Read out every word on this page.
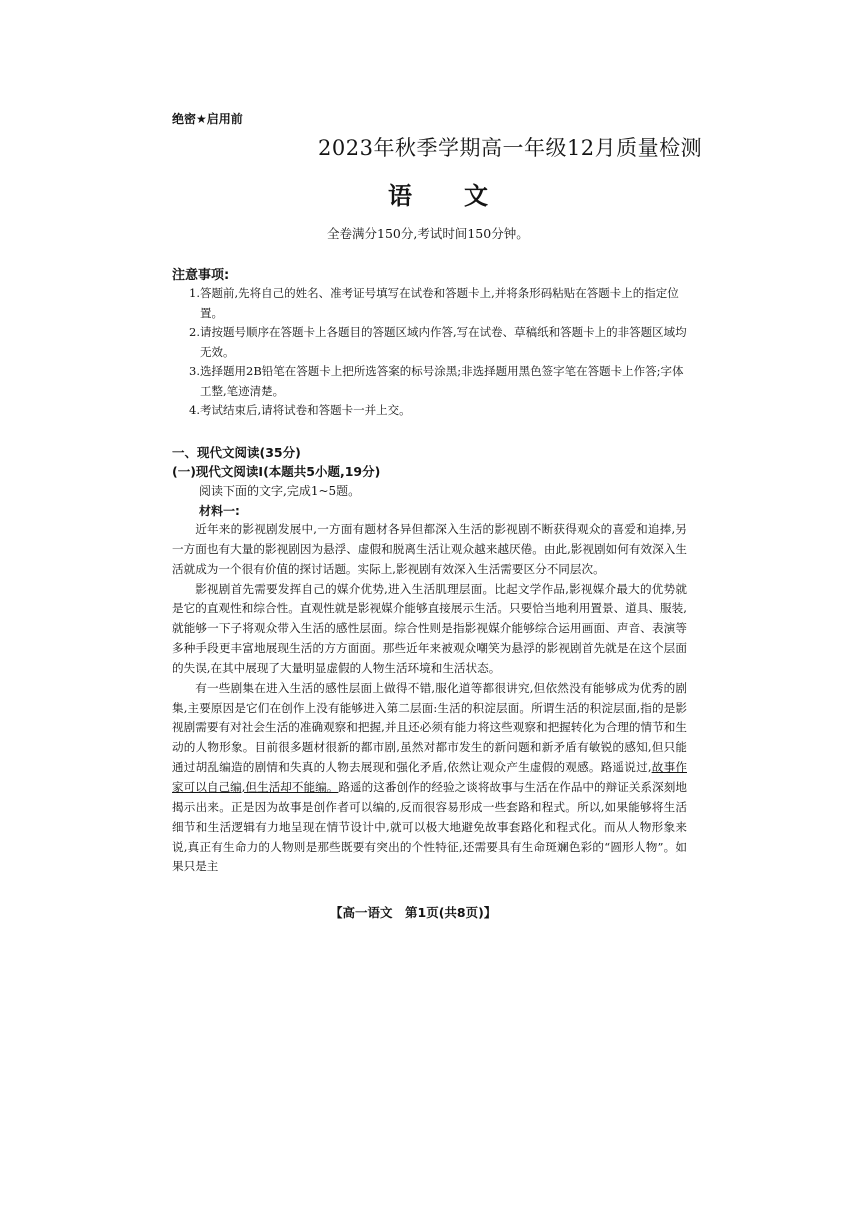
绝密★启用前
2023年秋季学期高一年级12月质量检测
语 文
全卷满分150分,考试时间150分钟。
注意事项:
1. 答题前,先将自己的姓名、准考证号填写在试卷和答题卡上,并将条形码粘贴在答题卡上的指定位置。
2. 请按题号顺序在答题卡上各题目的答题区域内作答,写在试卷、草稿纸和答题卡上的非答题区域均无效。
3. 选择题用2B铅笔在答题卡上把所选答案的标号涂黑;非选择题用黑色签字笔在答题卡上作答;字体工整,笔迹清楚。
4. 考试结束后,请将试卷和答题卡一并上交。
一、现代文阅读(35分)
(一)现代文阅读Ⅰ(本题共5小题,19分)
阅读下面的文字,完成1~5题。
材料一:

近年来的影视剧发展中,一方面有题材各异但都深入生活的影视剧不断获得观众的喜爱和追捧,另一方面也有大量的影视剧因为悬浮、虚假和脱离生活让观众越来越厌倦。由此,影视剧如何有效深入生活就成为一个很有价值的探讨话题。实际上,影视剧有效深入生活需要区分不同层次。

影视剧首先需要发挥自己的媒介优势,进入生活肌理层面。比起文学作品,影视媒介最大的优势就是它的直观性和综合性。直观性就是影视媒介能够直接展示生活。只要恰当地利用置景、道具、服装,就能够一下子将观众带入生活的感性层面。综合性则是指影视媒介能够综合运用画面、声音、表演等多种手段更丰富地展现生活的方方面面。那些近年来被观众嘲笑为悬浮的影视剧首先就是在这个层面的失误,在其中展现了大量明显虚假的人物生活环境和生活状态。

有一些剧集在进入生活的感性层面上做得不错,服化道等都很讲究,但依然没有能够成为优秀的剧集,主要原因是它们在创作上没有能够进入第二层面:生活的积淀层面。所谓生活的积淀层面,指的是影视剧需要有对社会生活的准确观察和把握,并且还必须有能力将这些观察和把握转化为合理的情节和生动的人物形象。目前很多题材很新的都市剧,虽然对都市发生的新问题和新矛盾有敏锐的感知,但只能通过胡乱编造的剧情和失真的人物去展现和强化矛盾,依然让观众产生虚假的观感。路遥说过,故事作家可以自己编,但生活却不能编。路遥的这番创作的经验之谈将故事与生活在作品中的辩证关系深刻地揭示出来。正是因为故事是创作者可以编的,反而很容易形成一些套路和程式。所以,如果能够将生活细节和生活逻辑有力地呈现在情节设计中,就可以极大地避免故事套路化和程式化。而从人物形象来说,真正有生命力的人物则是那些既要有突出的个性特征,还需要具有生命斑斓色彩的“圆形人物”。如果只是主

【高一语文　第1页(共8页)】
